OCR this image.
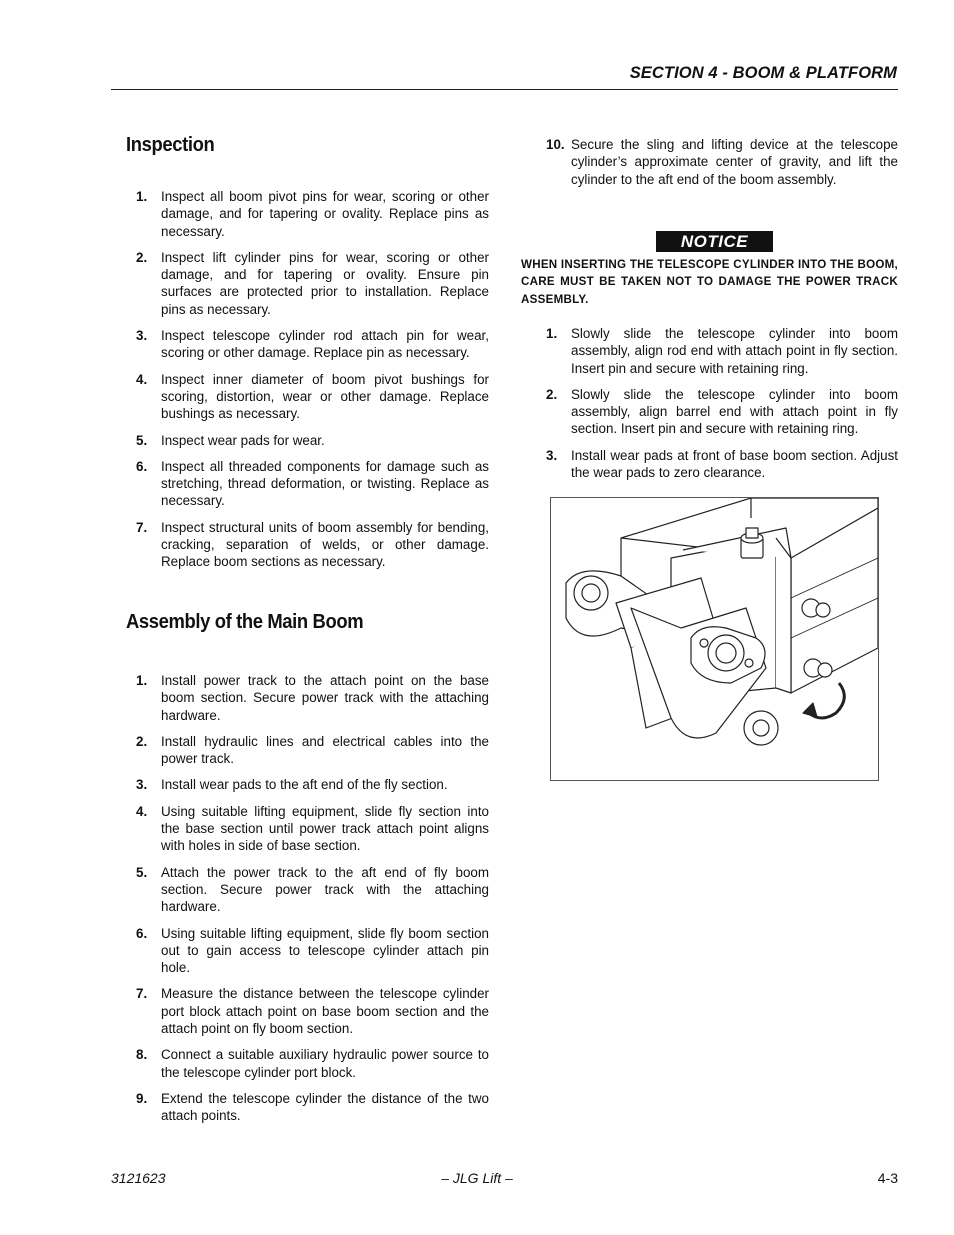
SECTION 4 - BOOM & PLATFORM
Inspection
1. Inspect all boom pivot pins for wear, scoring or other damage, and for tapering or ovality. Replace pins as necessary.
2. Inspect lift cylinder pins for wear, scoring or other damage, and for tapering or ovality. Ensure pin surfaces are protected prior to installation. Replace pins as necessary.
3. Inspect telescope cylinder rod attach pin for wear, scoring or other damage. Replace pin as necessary.
4. Inspect inner diameter of boom pivot bushings for scoring, distortion, wear or other damage. Replace bushings as necessary.
5. Inspect wear pads for wear.
6. Inspect all threaded components for damage such as stretching, thread deformation, or twisting. Replace as necessary.
7. Inspect structural units of boom assembly for bending, cracking, separation of welds, or other damage. Replace boom sections as necessary.
Assembly of the Main Boom
1. Install power track to the attach point on the base boom section. Secure power track with the attaching hardware.
2. Install hydraulic lines and electrical cables into the power track.
3. Install wear pads to the aft end of the fly section.
4. Using suitable lifting equipment, slide fly section into the base section until power track attach point aligns with holes in side of base section.
5. Attach the power track to the aft end of fly boom section. Secure power track with the attaching hardware.
6. Using suitable lifting equipment, slide fly boom section out to gain access to telescope cylinder attach pin hole.
7. Measure the distance between the telescope cylinder port block attach point on base boom section and the attach point on fly boom section.
8. Connect a suitable auxiliary hydraulic power source to the telescope cylinder port block.
9. Extend the telescope cylinder the distance of the two attach points.
10. Secure the sling and lifting device at the telescope cylinder’s approximate center of gravity, and lift the cylinder to the aft end of the boom assembly.
NOTICE
WHEN INSERTING THE TELESCOPE CYLINDER INTO THE BOOM, CARE MUST BE TAKEN NOT TO DAMAGE THE POWER TRACK ASSEMBLY.
1. Slowly slide the telescope cylinder into boom assembly, align rod end with attach point in fly section. Insert pin and secure with retaining ring.
2. Slowly slide the telescope cylinder into boom assembly, align barrel end with attach point in fly section. Insert pin and secure with retaining ring.
3. Install wear pads at front of base boom section. Adjust the wear pads to zero clearance.
3121623	– JLG Lift –	4-3
